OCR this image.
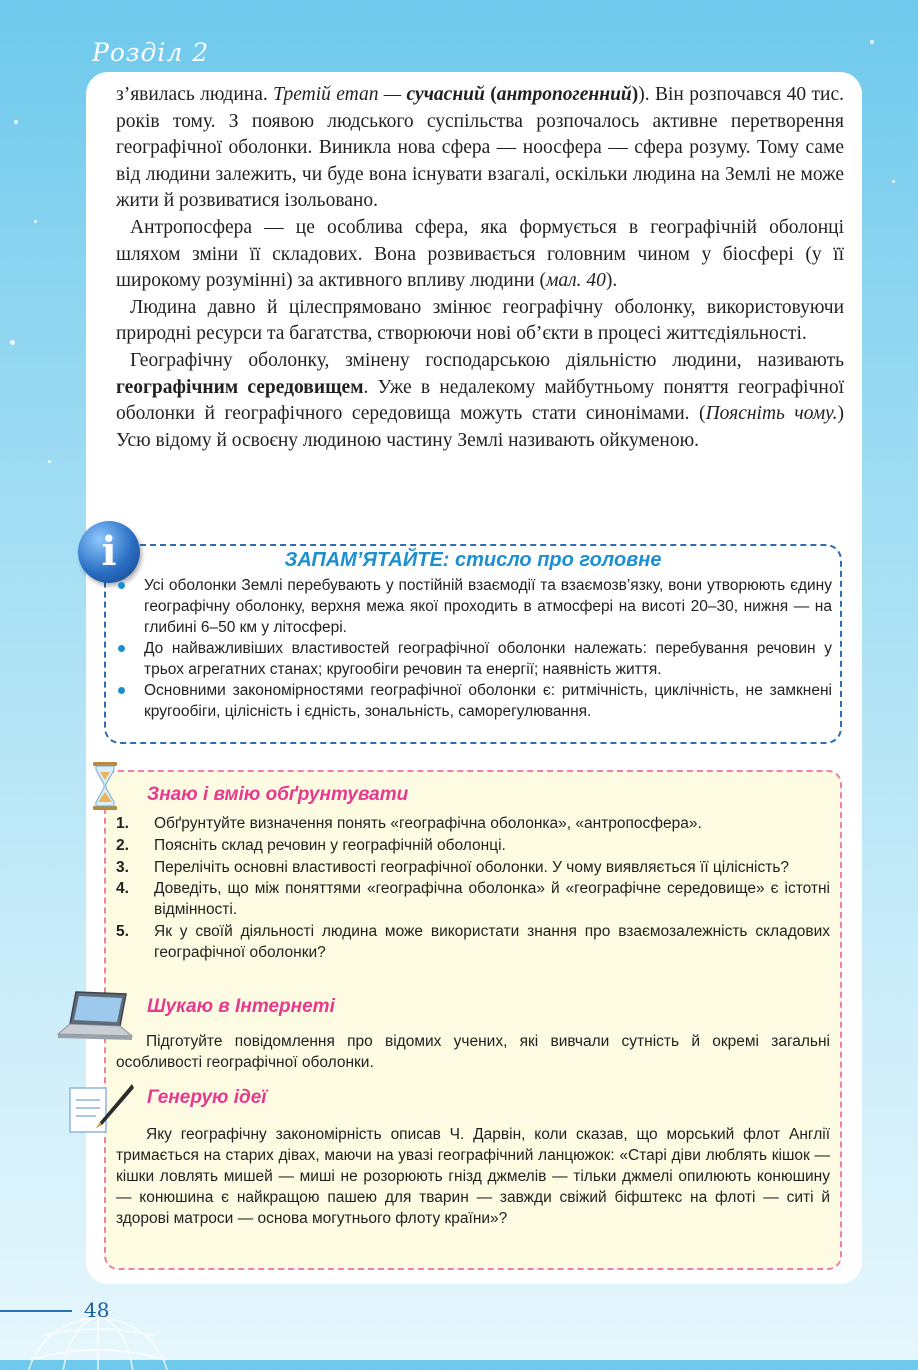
Розділ 2

з’явилась людина. Третій етап — сучасний (антропогенний)). Він розпочався 40 тис. років тому. З появою людського суспільства розпочалось активне перетворення географічної оболонки. Виникла нова сфера — ноосфера — сфера розуму. Тому саме від людини залежить, чи буде вона існувати взагалі, оскільки людина на Землі не може жити й розвиватися ізольовано.

Антропосфера — це особлива сфера, яка формується в географічній оболонці шляхом зміни її складових. Вона розвивається головним чином у біосфері (у її широкому розумінні) за активного впливу людини (мал. 40).

Людина давно й цілеспрямовано змінює географічну оболонку, використовуючи природні ресурси та багатства, створюючи нові об’єкти в процесі життєдіяльності.

Географічну оболонку, змінену господарською діяльністю людини, називають географічним середовищем. Уже в недалекому майбутньому поняття географічної оболонки й географічного середовища можуть стати синонімами. (Поясніть чому.) Усю відому й освоєну людиною частину Землі називають ойкуменою.

i	ЗАПАМ’ЯТАЙТЕ: стисло про головне
Усі оболонки Землі перебувають у постійній взаємодії та взаємозв’язку, вони утворюють єдину географічну оболонку, верхня межа якої проходить в атмосфері на висоті 20–30, нижня — на глибині 6–50 км у літосфері.
До найважливіших властивостей географічної оболонки належать: перебування речовин у трьох агрегатних станах; кругообіги речовин та енергії; наявність життя.
Основними закономірностями географічної оболонки є: ритмічність, циклічність, не замкнені кругообіги, цілісність і єдність, зональність, саморегулювання.
Знаю і вмію обґрунтувати
1. Обґрунтуйте визначення понять «географічна оболонка», «антропосфера».
2. Поясніть склад речовин у географічній оболонці.
3. Перелічіть основні властивості географічної оболонки. У чому виявляється її цілісність?
4. Доведіть, що між поняттями «географічна оболонка» й «географічне середовище» є істотні відмінності.
5. Як у своїй діяльності людина може використати знання про взаємозалежність складових географічної оболонки?
Шукаю в Інтернеті

Підготуйте повідомлення про відомих учених, які вивчали сутність й окремі загальні особливості географічної оболонки.

Генерую ідеї

Яку географічну закономірність описав Ч. Дарвін, коли сказав, що морський флот Англії тримається на старих дівах, маючи на увазі географічний ланцюжок: «Старі діви люблять кішок — кішки ловлять мишей — миші не розорюють гнізд джмелів — тільки джмелі опилюють конюшину — конюшина є найкращою пашею для тварин — завжди свіжий біфштекс на флоті — ситі й здорові матроси — основа могутнього флоту країни»?

48
